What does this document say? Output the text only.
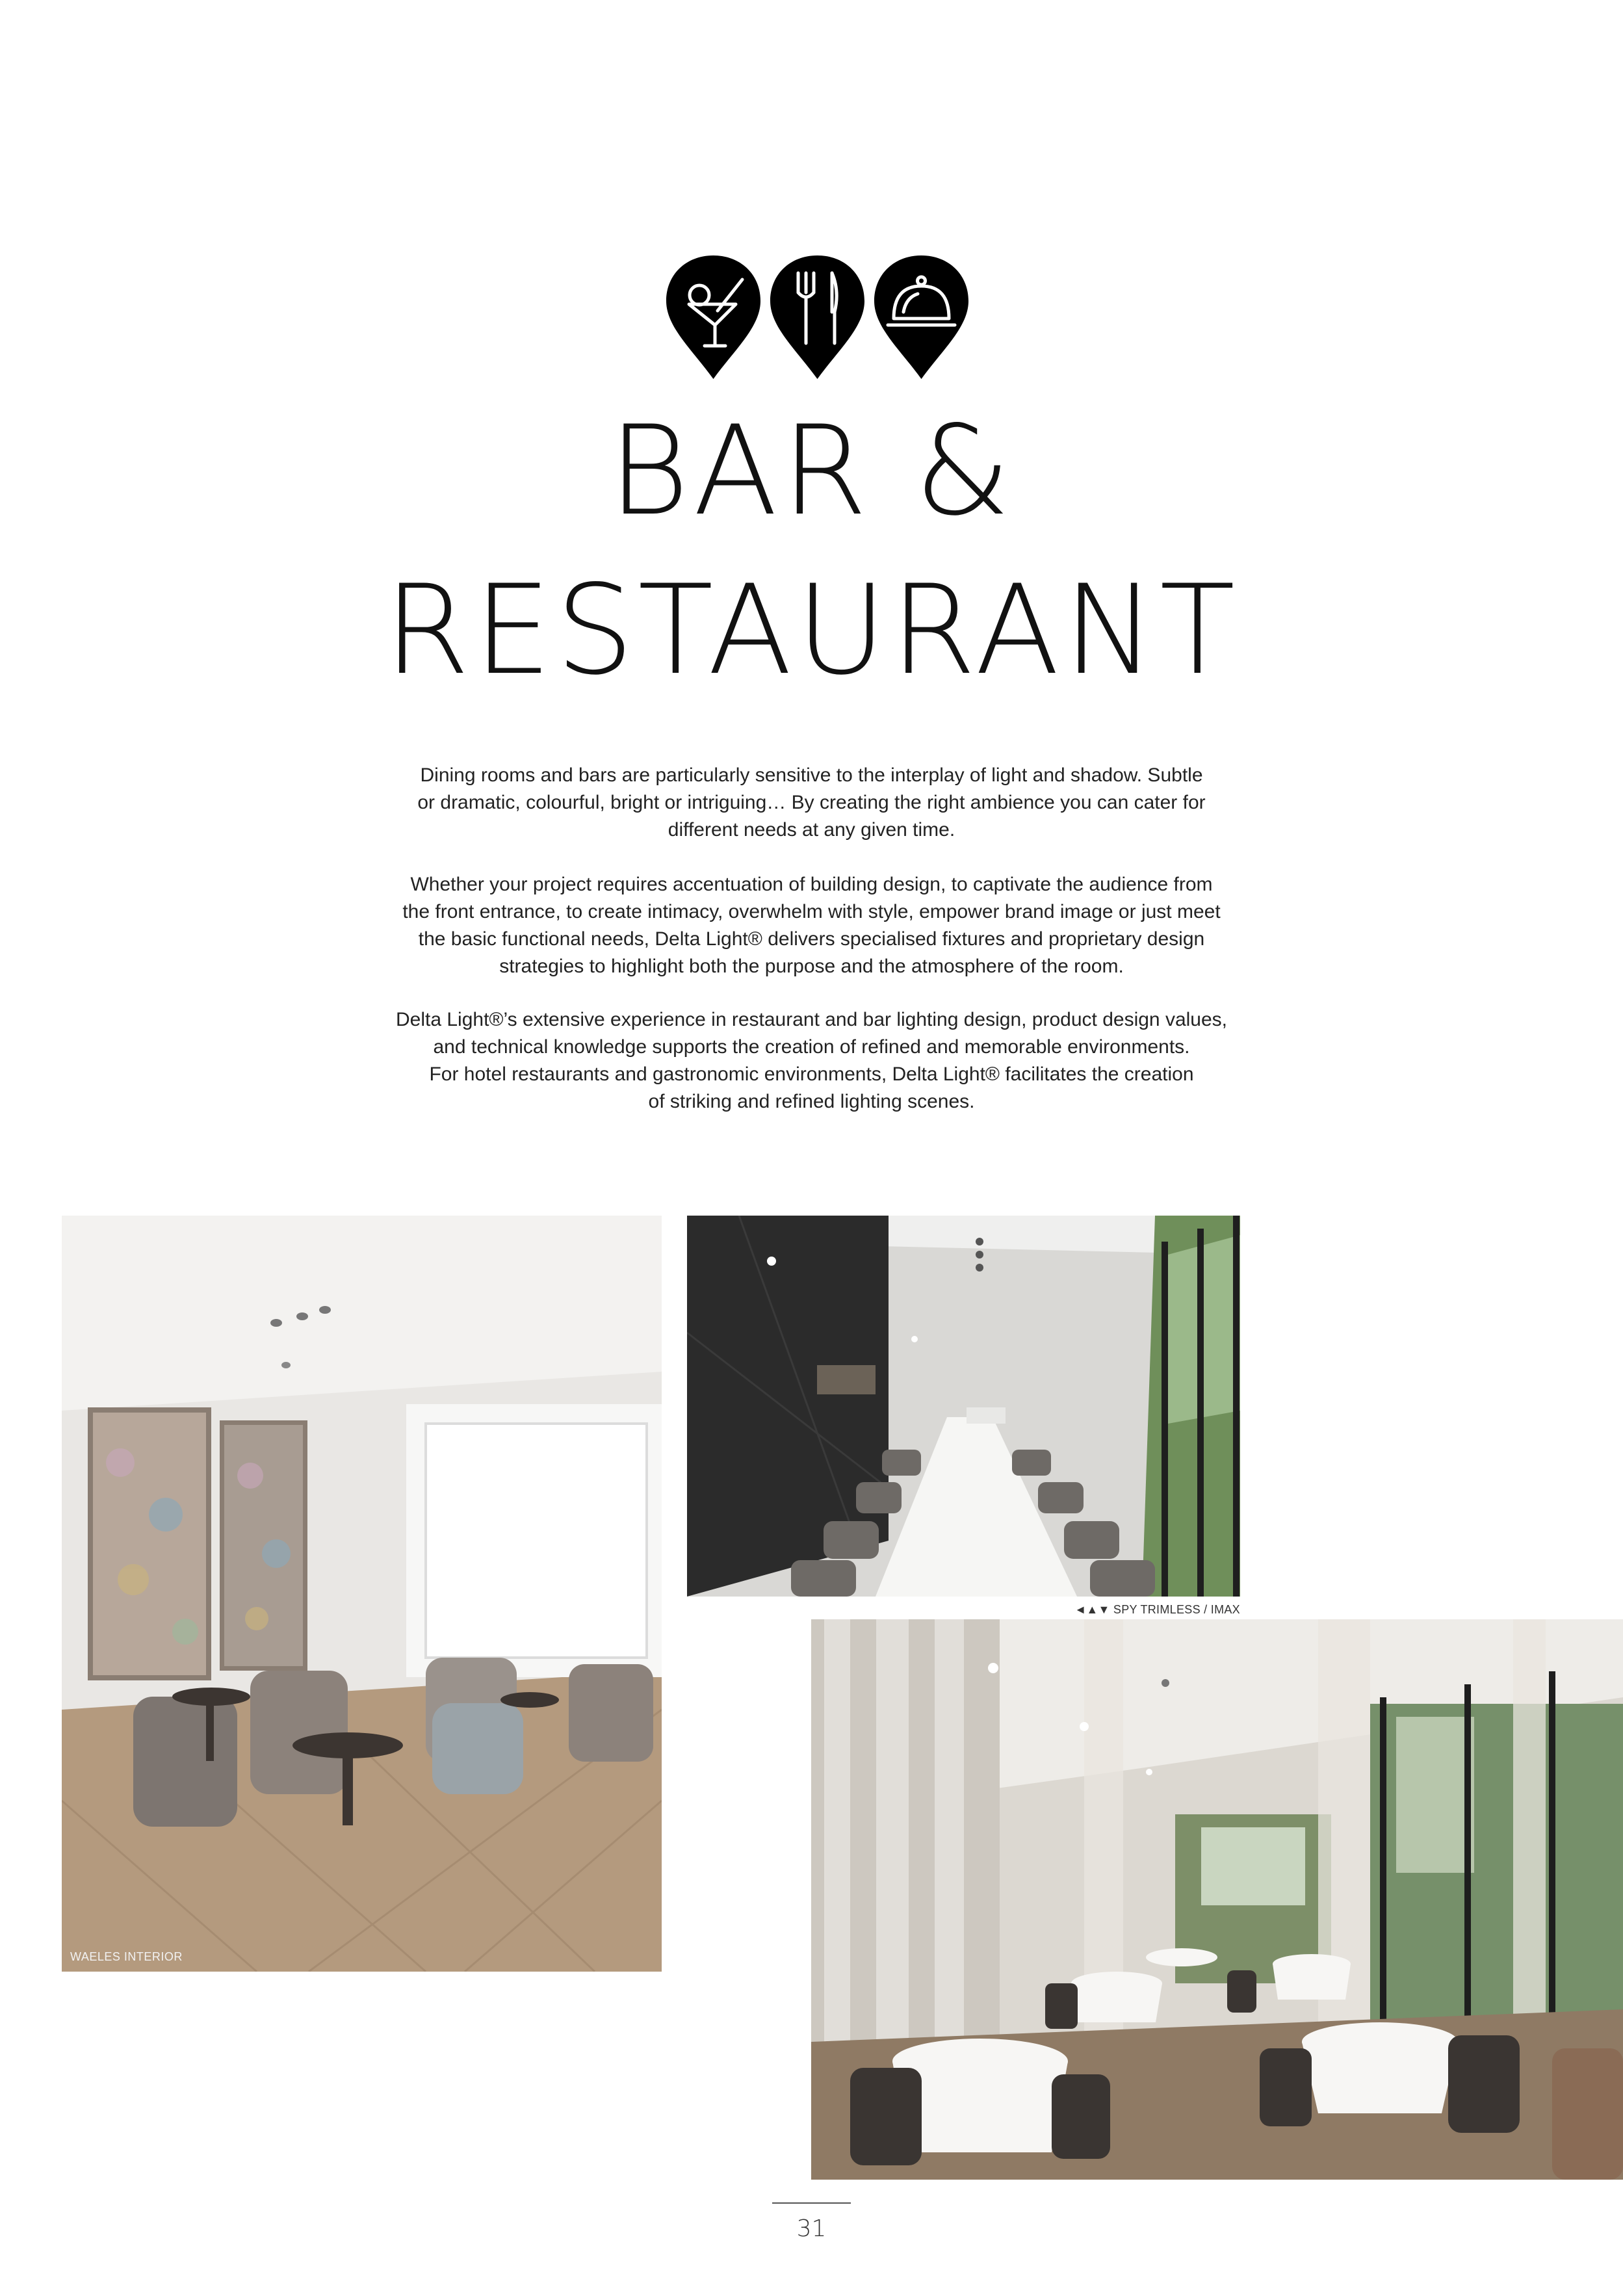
BAR &
RESTAURANT

Dining rooms and bars are particularly sensitive to the interplay of light and shadow. Subtle

or dramatic, colourful, bright or intriguing… By creating the right ambience you can cater for

different needs at any given time.

Whether your project requires accentuation of building design, to captivate the audience from

the front entrance, to create intimacy, overwhelm with style, empower brand image or just meet

the basic functional needs, Delta Light® delivers specialised fixtures and proprietary design

strategies to highlight both the purpose and the atmosphere of the room.

Delta Light®’s extensive experience in restaurant and bar lighting design, product design values,

and technical knowledge supports the creation of refined and memorable environments.

For hotel restaurants and gastronomic environments, Delta Light® facilitates the creation

of striking and refined lighting scenes.

WAELES INTERIOR
◄▲▼ SPY TRIMLESS / IMAX
31
